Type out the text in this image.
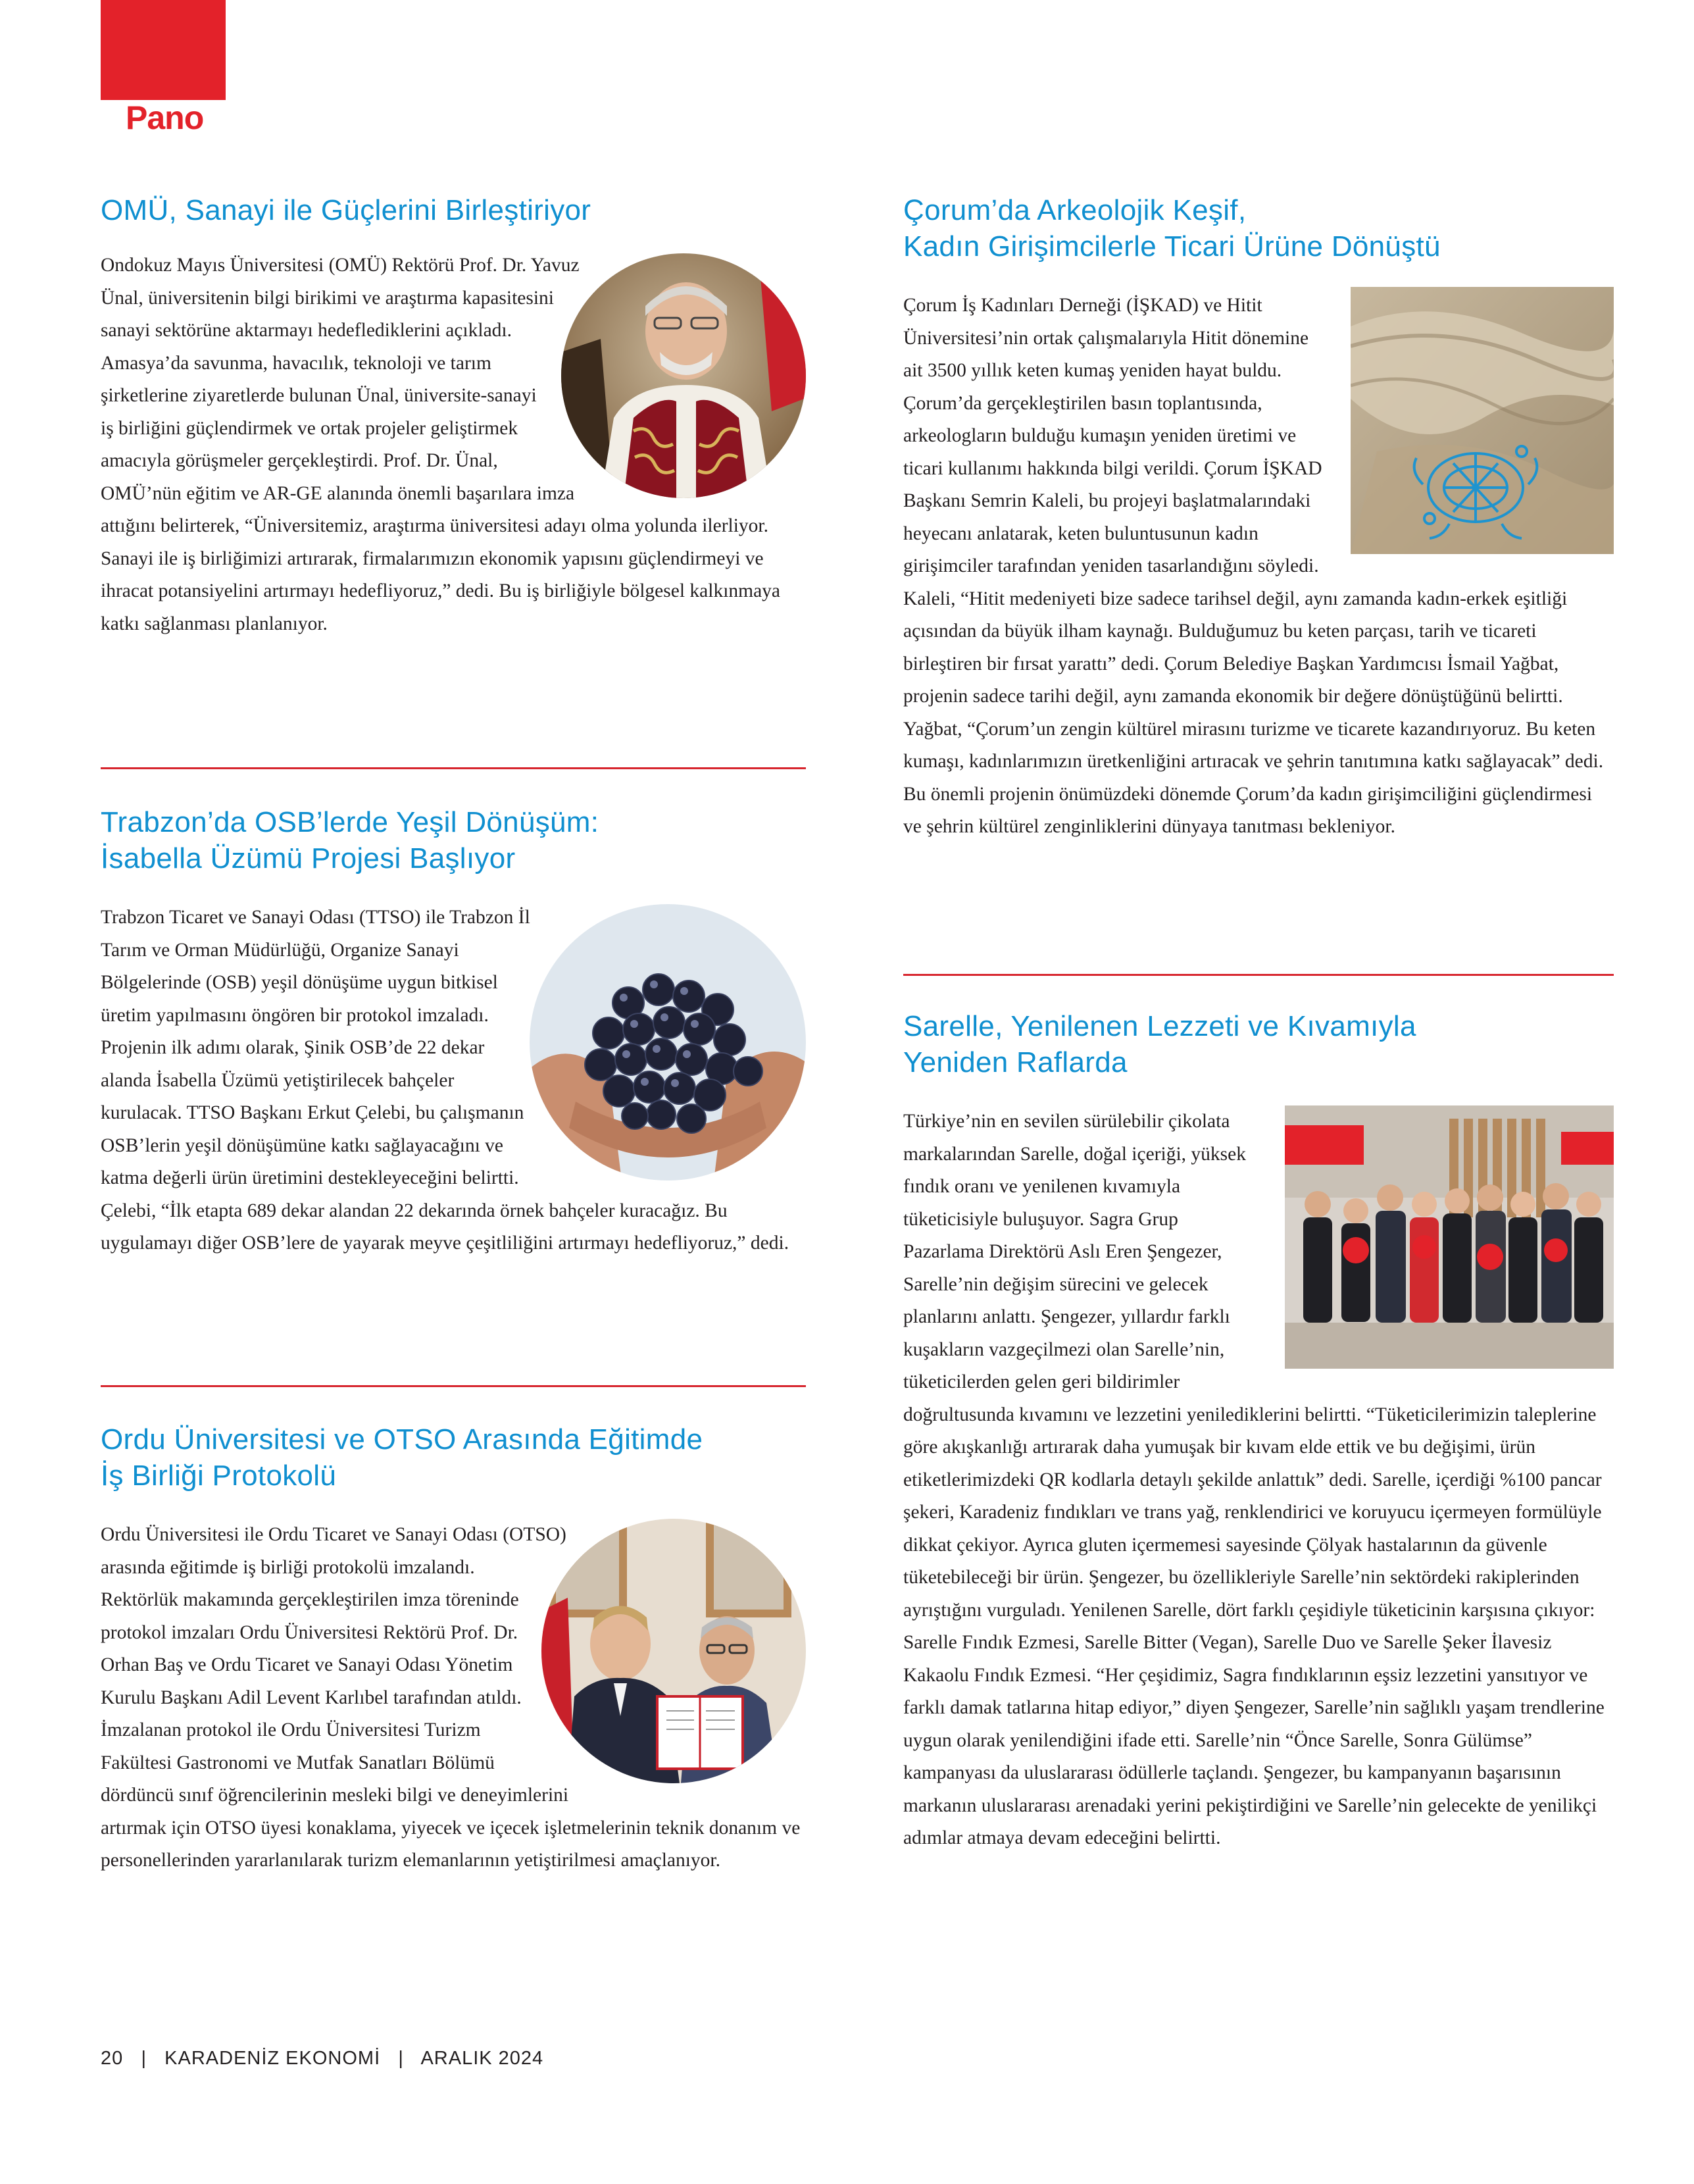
Pano
OMÜ, Sanayi ile Güçlerini Birleştiriyor

Ondokuz Mayıs Üniversitesi (OMÜ) Rektörü Prof. Dr. Yavuz Ünal, üniversitenin bilgi birikimi ve araştırma kapasitesini sanayi sektörüne aktarmayı hedeflediklerini açıkladı. Amasya’da savunma, havacılık, teknoloji ve tarım şirketlerine ziyaretlerde bulunan Ünal, üniversite-sanayi iş birliğini güçlendirmek ve ortak projeler geliştirmek amacıyla görüşmeler gerçekleştirdi. Prof. Dr. Ünal, OMÜ’nün eğitim ve AR-GE alanında önemli başarılara imza attığını belirterek, “Üniversitemiz, araştırma üniversitesi adayı olma yolunda ilerliyor. Sanayi ile iş birliğimizi artırarak, firmalarımızın ekonomik yapısını güçlendirmeyi ve ihracat potansiyelini artırmayı hedefliyoruz,” dedi. Bu iş birliğiyle bölgesel kalkınmaya katkı sağlanması planlanıyor.

Trabzon’da OSB’lerde Yeşil Dönüşüm:
İsabella Üzümü Projesi Başlıyor

Trabzon Ticaret ve Sanayi Odası (TTSO) ile Trabzon İl Tarım ve Orman Müdürlüğü, Organize Sanayi Bölgelerinde (OSB) yeşil dönüşüme uygun bitkisel üretim yapılmasını öngören bir protokol imzaladı. Projenin ilk adımı olarak, Şinik OSB’de 22 dekar alanda İsabella Üzümü yetiştirilecek bahçeler kurulacak. TTSO Başkanı Erkut Çelebi, bu çalışmanın OSB’lerin yeşil dönüşümüne katkı sağlayacağını ve katma değerli ürün üretimini destekleyeceğini belirtti. Çelebi, “İlk etapta 689 dekar alandan 22 dekarında örnek bahçeler kuracağız. Bu uygulamayı diğer OSB’lere de yayarak meyve çeşitliliğini artırmayı hedefliyoruz,” dedi.

Ordu Üniversitesi ve OTSO Arasında Eğitimde
İş Birliği Protokolü

Ordu Üniversitesi ile Ordu Ticaret ve Sanayi Odası (OTSO) arasında eğitimde iş birliği protokolü imzalandı. Rektörlük makamında gerçekleştirilen imza töreninde protokol imzaları Ordu Üniversitesi Rektörü Prof. Dr. Orhan Baş ve Ordu Ticaret ve Sanayi Odası Yönetim Kurulu Başkanı Adil Levent Karlıbel tarafından atıldı. İmzalanan protokol ile Ordu Üniversitesi Turizm Fakültesi Gastronomi ve Mutfak Sanatları Bölümü dördüncü sınıf öğrencilerinin mesleki bilgi ve deneyimlerini artırmak için OTSO üyesi konaklama, yiyecek ve içecek işletmelerinin teknik donanım ve personellerinden yararlanılarak turizm elemanlarının yetiştirilmesi amaçlanıyor.

Çorum’da Arkeolojik Keşif,
Kadın Girişimcilerle Ticari Ürüne Dönüştü

Çorum İş Kadınları Derneği (İŞKAD) ve Hitit Üniversitesi’nin ortak çalışmalarıyla Hitit dönemine ait 3500 yıllık keten kumaş yeniden hayat buldu. Çorum’da gerçekleştirilen basın toplantısında, arkeologların bulduğu kumaşın yeniden üretimi ve ticari kullanımı hakkında bilgi verildi. Çorum İŞKAD Başkanı Semrin Kaleli, bu projeyi başlatmalarındaki heyecanı anlatarak, keten buluntusunun kadın girişimciler tarafından yeniden tasarlandığını söyledi. Kaleli, “Hitit medeniyeti bize sadece tarihsel değil, aynı zamanda kadın-erkek eşitliği açısından da büyük ilham kaynağı. Bulduğumuz bu keten parçası, tarih ve ticareti birleştiren bir fırsat yarattı” dedi. Çorum Belediye Başkan Yardımcısı İsmail Yağbat, projenin sadece tarihi değil, aynı zamanda ekonomik bir değere dönüştüğünü belirtti. Yağbat, “Çorum’un zengin kültürel mirasını turizme ve ticarete kazandırıyoruz. Bu keten kumaşı, kadınlarımızın üretkenliğini artıracak ve şehrin tanıtımına katkı sağlayacak” dedi. Bu önemli projenin önümüzdeki dönemde Çorum’da kadın girişimciliğini güçlendirmesi ve şehrin kültürel zenginliklerini dünyaya tanıtması bekleniyor.

Sarelle, Yenilenen Lezzeti ve Kıvamıyla
Yeniden Raflarda

Türkiye’nin en sevilen sürülebilir çikolata markalarından Sarelle, doğal içeriği, yüksek fındık oranı ve yenilenen kıvamıyla tüketicisiyle buluşuyor. Sagra Grup Pazarlama Direktörü Aslı Eren Şengezer, Sarelle’nin değişim sürecini ve gelecek planlarını anlattı. Şengezer, yıllardır farklı kuşakların vazgeçilmezi olan Sarelle’nin, tüketicilerden gelen geri bildirimler doğrultusunda kıvamını ve lezzetini yenilediklerini belirtti. “Tüketicilerimizin taleplerine göre akışkanlığı artırarak daha yumuşak bir kıvam elde ettik ve bu değişimi, ürün etiketlerimizdeki QR kodlarla detaylı şekilde anlattık” dedi. Sarelle, içerdiği %100 pancar şekeri, Karadeniz fındıkları ve trans yağ, renklendirici ve koruyucu içermeyen formülüyle dikkat çekiyor. Ayrıca gluten içermemesi sayesinde Çölyak hastalarının da güvenle tüketebileceği bir ürün. Şengezer, bu özellikleriyle Sarelle’nin sektördeki rakiplerinden ayrıştığını vurguladı. Yenilenen Sarelle, dört farklı çeşidiyle tüketicinin karşısına çıkıyor: Sarelle Fındık Ezmesi, Sarelle Bitter (Vegan), Sarelle Duo ve Sarelle Şeker İlavesiz Kakaolu Fındık Ezmesi. “Her çeşidimiz, Sagra fındıklarının eşsiz lezzetini yansıtıyor ve farklı damak tatlarına hitap ediyor,” diyen Şengezer, Sarelle’nin sağlıklı yaşam trendlerine uygun olarak yenilendiğini ifade etti. Sarelle’nin “Önce Sarelle, Sonra Gülümse” kampanyası da uluslararası ödüllerle taçlandı. Şengezer, bu kampanyanın başarısının markanın uluslararası arenadaki yerini pekiştirdiğini ve Sarelle’nin gelecekte de yenilikçi adımlar atmaya devam edeceğini belirtti.

20 | KARADENİZ EKONOMİ | ARALIK 2024
